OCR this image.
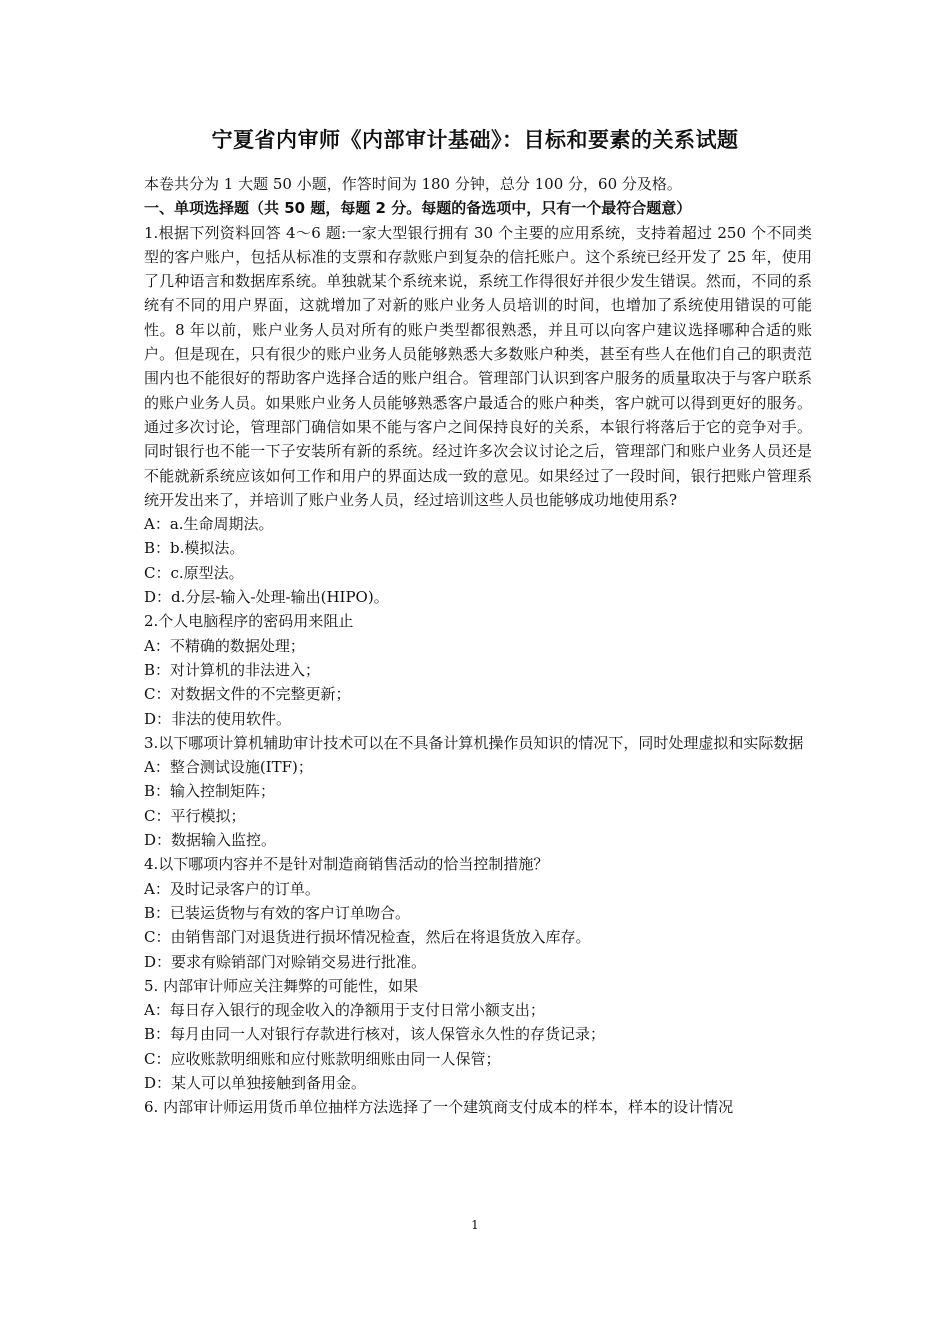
宁夏省内审师《内部审计基础》：目标和要素的关系试题

本卷共分为 1 大题 50 小题，作答时间为 180 分钟，总分 100 分，60 分及格。

一、单项选择题（共 50 题，每题 2 分。每题的备选项中，只有一个最符合题意）

1.根据下列资料回答 4～6 题:一家大型银行拥有 30 个主要的应用系统，支持着超过 250 个不同类型的客户账户，包括从标准的支票和存款账户到复杂的信托账户。这个系统已经开发了 25 年，使用了几种语言和数据库系统。单独就某个系统来说，系统工作得很好并很少发生错误。然而，不同的系统有不同的用户界面，这就增加了对新的账户业务人员培训的时间，也增加了系统使用错误的可能性。8 年以前，账户业务人员对所有的账户类型都很熟悉，并且可以向客户建议选择哪种合适的账户。但是现在，只有很少的账户业务人员能够熟悉大多数账户种类，甚至有些人在他们自己的职责范围内也不能很好的帮助客户选择合适的账户组合。管理部门认识到客户服务的质量取决于与客户联系的账户业务人员。如果账户业务人员能够熟悉客户最适合的账户种类，客户就可以得到更好的服务。通过多次讨论，管理部门确信如果不能与客户之间保持良好的关系，本银行将落后于它的竞争对手。同时银行也不能一下子安装所有新的系统。经过许多次会议讨论之后，管理部门和账户业务人员还是不能就新系统应该如何工作和用户的界面达成一致的意见。如果经过了一段时间，银行把账户管理系统开发出来了，并培训了账户业务人员，经过培训这些人员也能够成功地使用系?

A：a.生命周期法。

B：b.模拟法。

C：c.原型法。

D：d.分层-输入-处理-输出(HIPO)。

2.个人电脑程序的密码用来阻止

A：不精确的数据处理；

B：对计算机的非法进入；

C：对数据文件的不完整更新；

D：非法的使用软件。

3.以下哪项计算机辅助审计技术可以在不具备计算机操作员知识的情况下，同时处理虚拟和实际数据

A：整合测试设施(ITF)；

B：输入控制矩阵；

C：平行模拟；

D：数据输入监控。

4.以下哪项内容并不是针对制造商销售活动的恰当控制措施？

A：及时记录客户的订单。

B：已装运货物与有效的客户订单吻合。

C：由销售部门对退货进行损坏情况检查，然后在将退货放入库存。

D：要求有赊销部门对赊销交易进行批准。

5. 内部审计师应关注舞弊的可能性，如果

A：每日存入银行的现金收入的净额用于支付日常小额支出；

B：每月由同一人对银行存款进行核对，该人保管永久性的存货记录；

C：应收账款明细账和应付账款明细账由同一人保管；

D：某人可以单独接触到备用金。

6. 内部审计师运用货币单位抽样方法选择了一个建筑商支付成本的样本，样本的设计情况

1
